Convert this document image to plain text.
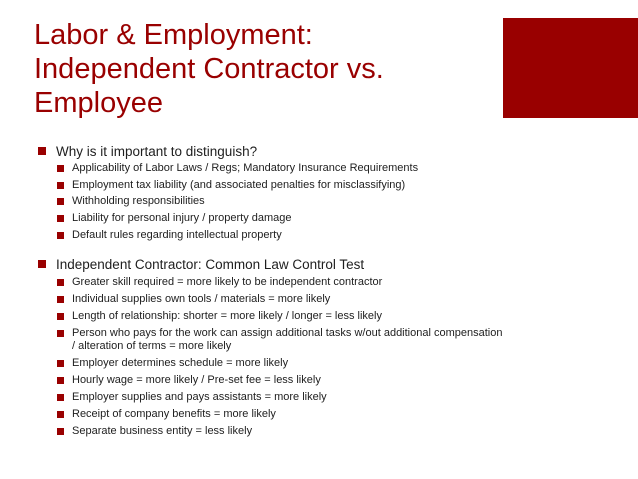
Labor & Employment:
Independent Contractor vs.
Employee
Why is it important to distinguish?
Applicability of Labor Laws / Regs; Mandatory Insurance Requirements
Employment tax liability (and associated penalties for misclassifying)
Withholding responsibilities
Liability for personal injury / property damage
Default rules regarding intellectual property
Independent Contractor: Common Law Control Test
Greater skill required = more likely to be independent contractor
Individual supplies own tools / materials = more likely
Length of relationship: shorter = more likely / longer = less likely
Person who pays for the work can assign additional tasks w/out additional compensation
/ alteration of terms = more likely
Employer determines schedule = more likely
Hourly wage = more likely / Pre-set fee = less likely
Employer supplies and pays assistants = more likely
Receipt of company benefits = more likely
Separate business entity = less likely
